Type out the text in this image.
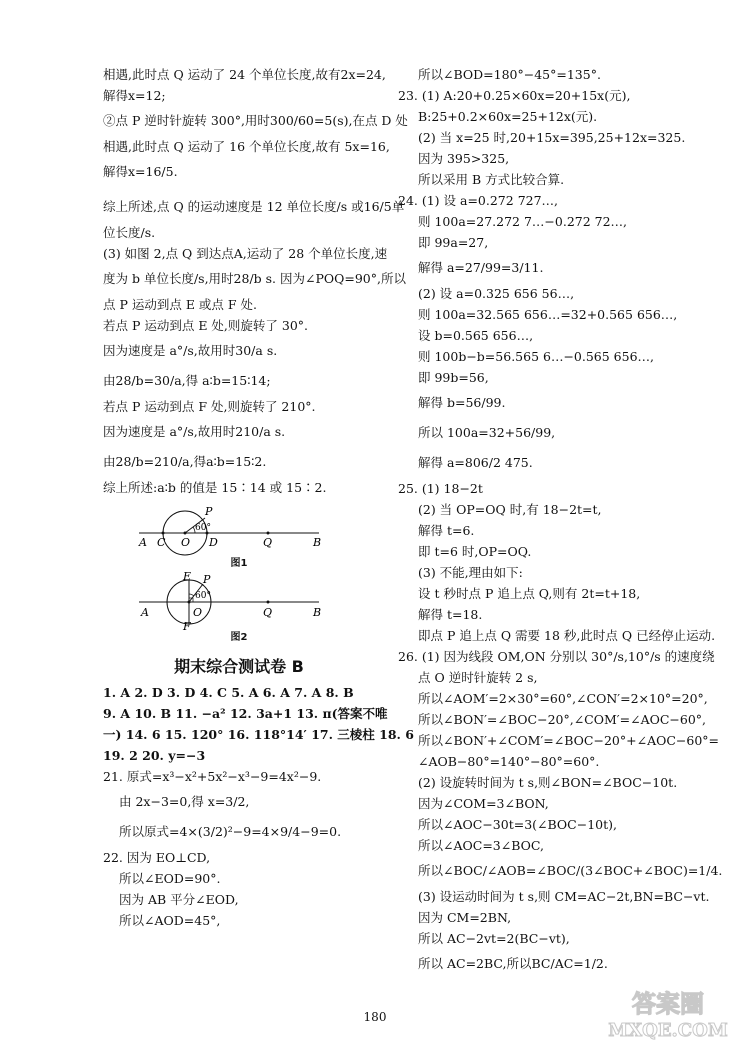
相遇,此时点 Q 运动了 24 个单位长度,故有2x=24,
解得x=12;
②点 P 逆时针旋转 300°,用时300/60=5(s),在点 D 处
相遇,此时点 Q 运动了 16 个单位长度,故有 5x=16,
解得x=16/5.
综上所述,点 Q 的运动速度是 12 单位长度/s 或16/5单
位长度/s.
(3) 如图 2,点 Q 到达点A,运动了 28 个单位长度,速
度为 b 单位长度/s,用时28/b s. 因为∠POQ=90°,所以
点 P 运动到点 E 或点 F 处.
若点 P 运动到点 E 处,则旋转了 30°.
因为速度是 a°/s,故用时30/a s.
由28/b=30/a,得 a∶b=15∶14;
若点 P 运动到点 F 处,则旋转了 210°.
因为速度是 a°/s,故用时210/a s.
由28/b=210/a,得a∶b=15∶2.
综上所述:a∶b 的值是 15∶14 或 15∶2.
A C O D	Q	B
P
60°
图1
A
E
O
F
Q	B
P
60°
图2
期末综合测试卷 B
1. A 2. D 3. D 4. C 5. A 6. A 7. A 8. B
9. A 10. B 11. −a² 12. 3a+1 13. π(答案不唯
一) 14. 6 15. 120° 16. 118°14′ 17. 三棱柱 18. 6
19. 2 20. y=−3
21. 原式=x³−x²+5x²−x³−9=4x²−9.
由 2x−3=0,得 x=3/2,
所以原式=4×(3/2)²−9=4×9/4−9=0.
22. 因为 EO⊥CD,
所以∠EOD=90°.
因为 AB 平分∠EOD,
所以∠AOD=45°,
所以∠BOD=180°−45°=135°.
23. (1) A:20+0.25×60x=20+15x(元),
B:25+0.2×60x=25+12x(元).
(2) 当 x=25 时,20+15x=395,25+12x=325.
因为 395>325,
所以采用 B 方式比较合算.
24. (1) 设 a=0.272 727…,
则 100a=27.272 7…−0.272 72…,
即 99a=27,
解得 a=27/99=3/11.
(2) 设 a=0.325 656 56…,
则 100a=32.565 656…=32+0.565 656…,
设 b=0.565 656…,
则 100b−b=56.565 6…−0.565 656…,
即 99b=56,
解得 b=56/99.
所以 100a=32+56/99,
解得 a=806/2 475.
25. (1) 18−2t
(2) 当 OP=OQ 时,有 18−2t=t,
解得 t=6.
即 t=6 时,OP=OQ.
(3) 不能,理由如下:
设 t 秒时点 P 追上点 Q,则有 2t=t+18,
解得 t=18.
即点 P 追上点 Q 需要 18 秒,此时点 Q 已经停止运动.
26. (1) 因为线段 OM,ON 分别以 30°/s,10°/s 的速度绕
点 O 逆时针旋转 2 s,
所以∠AOM′=2×30°=60°,∠CON′=2×10°=20°,
所以∠BON′=∠BOC−20°,∠COM′=∠AOC−60°,
所以∠BON′+∠COM′=∠BOC−20°+∠AOC−60°=
∠AOB−80°=140°−80°=60°.
(2) 设旋转时间为 t s,则∠BON=∠BOC−10t.
因为∠COM=3∠BON,
所以∠AOC−30t=3(∠BOC−10t),
所以∠AOC=3∠BOC,
所以∠BOC/∠AOB=∠BOC/(3∠BOC+∠BOC)=1/4.
(3) 设运动时间为 t s,则 CM=AC−2t,BN=BC−vt.
因为 CM=2BN,
所以 AC−2vt=2(BC−vt),
所以 AC=2BC,所以BC/AC=1/2.
180	答案圈
MXQE.COM
